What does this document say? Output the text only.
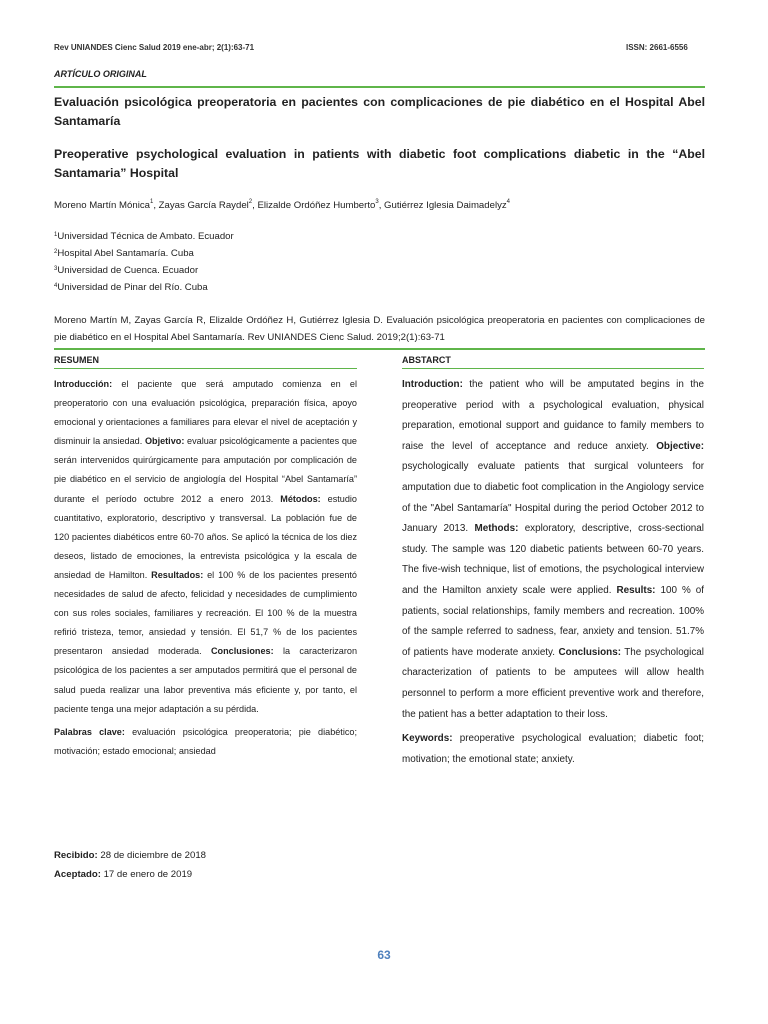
Rev UNIANDES Cienc Salud 2019 ene-abr; 2(1):63-71	ISSN: 2661-6556
ARTÍCULO ORIGINAL
Evaluación psicológica preoperatoria en pacientes con complicaciones de pie diabético en el Hospital Abel Santamaría
Preoperative psychological evaluation in patients with diabetic foot complications diabetic in the “Abel Santamaria” Hospital
Moreno Martín Mónica$^1$, Zayas García Raydel$^2$, Elizalde Ordóñez Humberto$^3$, Gutiérrez Iglesia Daimadelyz$^4$
$^1$Universidad Técnica de Ambato. Ecuador
$^2$Hospital Abel Santamaría. Cuba
$^3$Universidad de Cuenca. Ecuador
$^4$Universidad de Pinar del Río. Cuba
Moreno Martín M, Zayas García R, Elizalde Ordóñez H, Gutiérrez Iglesia D. Evaluación psicológica preoperatoria en pacientes con complicaciones de pie diabético en el Hospital Abel Santamaría. Rev UNIANDES Cienc Salud. 2019;2(1):63-71
RESUMEN
Introducción: el paciente que será amputado comienza en el preoperatorio con una evaluación psicológica, preparación física, apoyo emocional y orientaciones a familiares para elevar el nivel de aceptación y disminuir la ansiedad. Objetivo: evaluar psicológicamente a pacientes que serán intervenidos quirúrgicamente para amputación por complicación de pie diabético en el servicio de angiología del Hospital “Abel Santamaría” durante el período octubre 2012 a enero 2013. Métodos: estudio cuantitativo, exploratorio, descriptivo y transversal. La población fue de 120 pacientes diabéticos entre 60-70 años. Se aplicó la técnica de los diez deseos, listado de emociones, la entrevista psicológica y la escala de ansiedad de Hamilton. Resultados: el 100 % de los pacientes presentó necesidades de salud de afecto, felicidad y necesidades de cumplimiento con sus roles sociales, familiares y recreación. El 100 % de la muestra refirió tristeza, temor, ansiedad y tensión. El 51,7 % de los pacientes presentaron ansiedad moderada. Conclusiones: la caracterizaron psicológica de los pacientes a ser amputados permitirá que el personal de salud pueda realizar una labor preventiva más eficiente y, por tanto, el paciente tenga una mejor adaptación a su pérdida.
Palabras clave: evaluación psicológica preoperatoria; pie diabético; motivación; estado emocional; ansiedad
ABSTARCT
Introduction: the patient who will be amputated begins in the preoperative period with a psychological evaluation, physical preparation, emotional support and guidance to family members to raise the level of acceptance and reduce anxiety. Objective: psychologically evaluate patients that surgical volunteers for amputation due to diabetic foot complication in the Angiology service of the "Abel Santamaría" Hospital during the period October 2012 to January 2013. Methods: exploratory, descriptive, cross-sectional study. The sample was 120 diabetic patients between 60-70 years. The five-wish technique, list of emotions, the psychological interview and the Hamilton anxiety scale were applied. Results: 100 % of patients, social relationships, family members and recreation. 100% of the sample referred to sadness, fear, anxiety and tension. 51.7% of patients have moderate anxiety. Conclusions: The psychological characterization of patients to be amputees will allow health personnel to perform a more efficient preventive work and therefore, the patient has a better adaptation to their loss.
Keywords: preoperative psychological evaluation; diabetic foot; motivation; the emotional state; anxiety.
Recibido: 28 de diciembre de 2018
Aceptado: 17 de enero de 2019
63
